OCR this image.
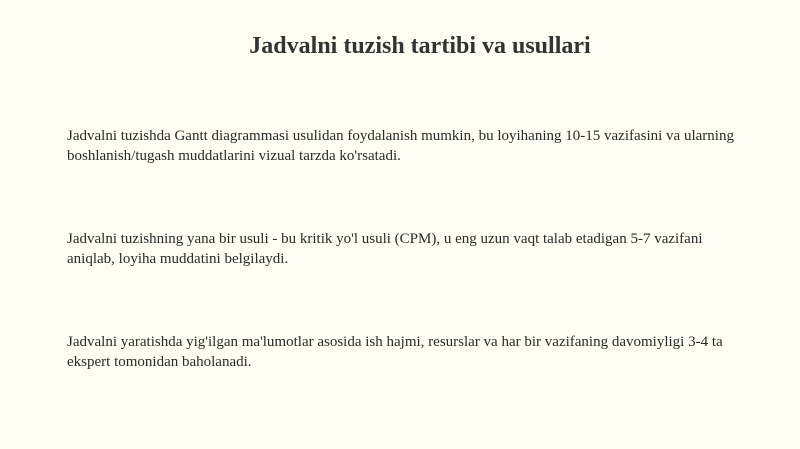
Jadvalni tuzish tartibi va usullari

Jadvalni tuzishda Gantt diagrammasi usulidan foydalanish mumkin, bu loyihaning 10-15 vazifasini va ularning boshlanish/tugash muddatlarini vizual tarzda ko'rsatadi.

Jadvalni tuzishning yana bir usuli - bu kritik yo'l usuli (CPM), u eng uzun vaqt talab etadigan 5-7 vazifani aniqlab, loyiha muddatini belgilaydi.

Jadvalni yaratishda yig'ilgan ma'lumotlar asosida ish hajmi, resurslar va har bir vazifaning davomiyligi 3-4 ta ekspert tomonidan baholanadi.
